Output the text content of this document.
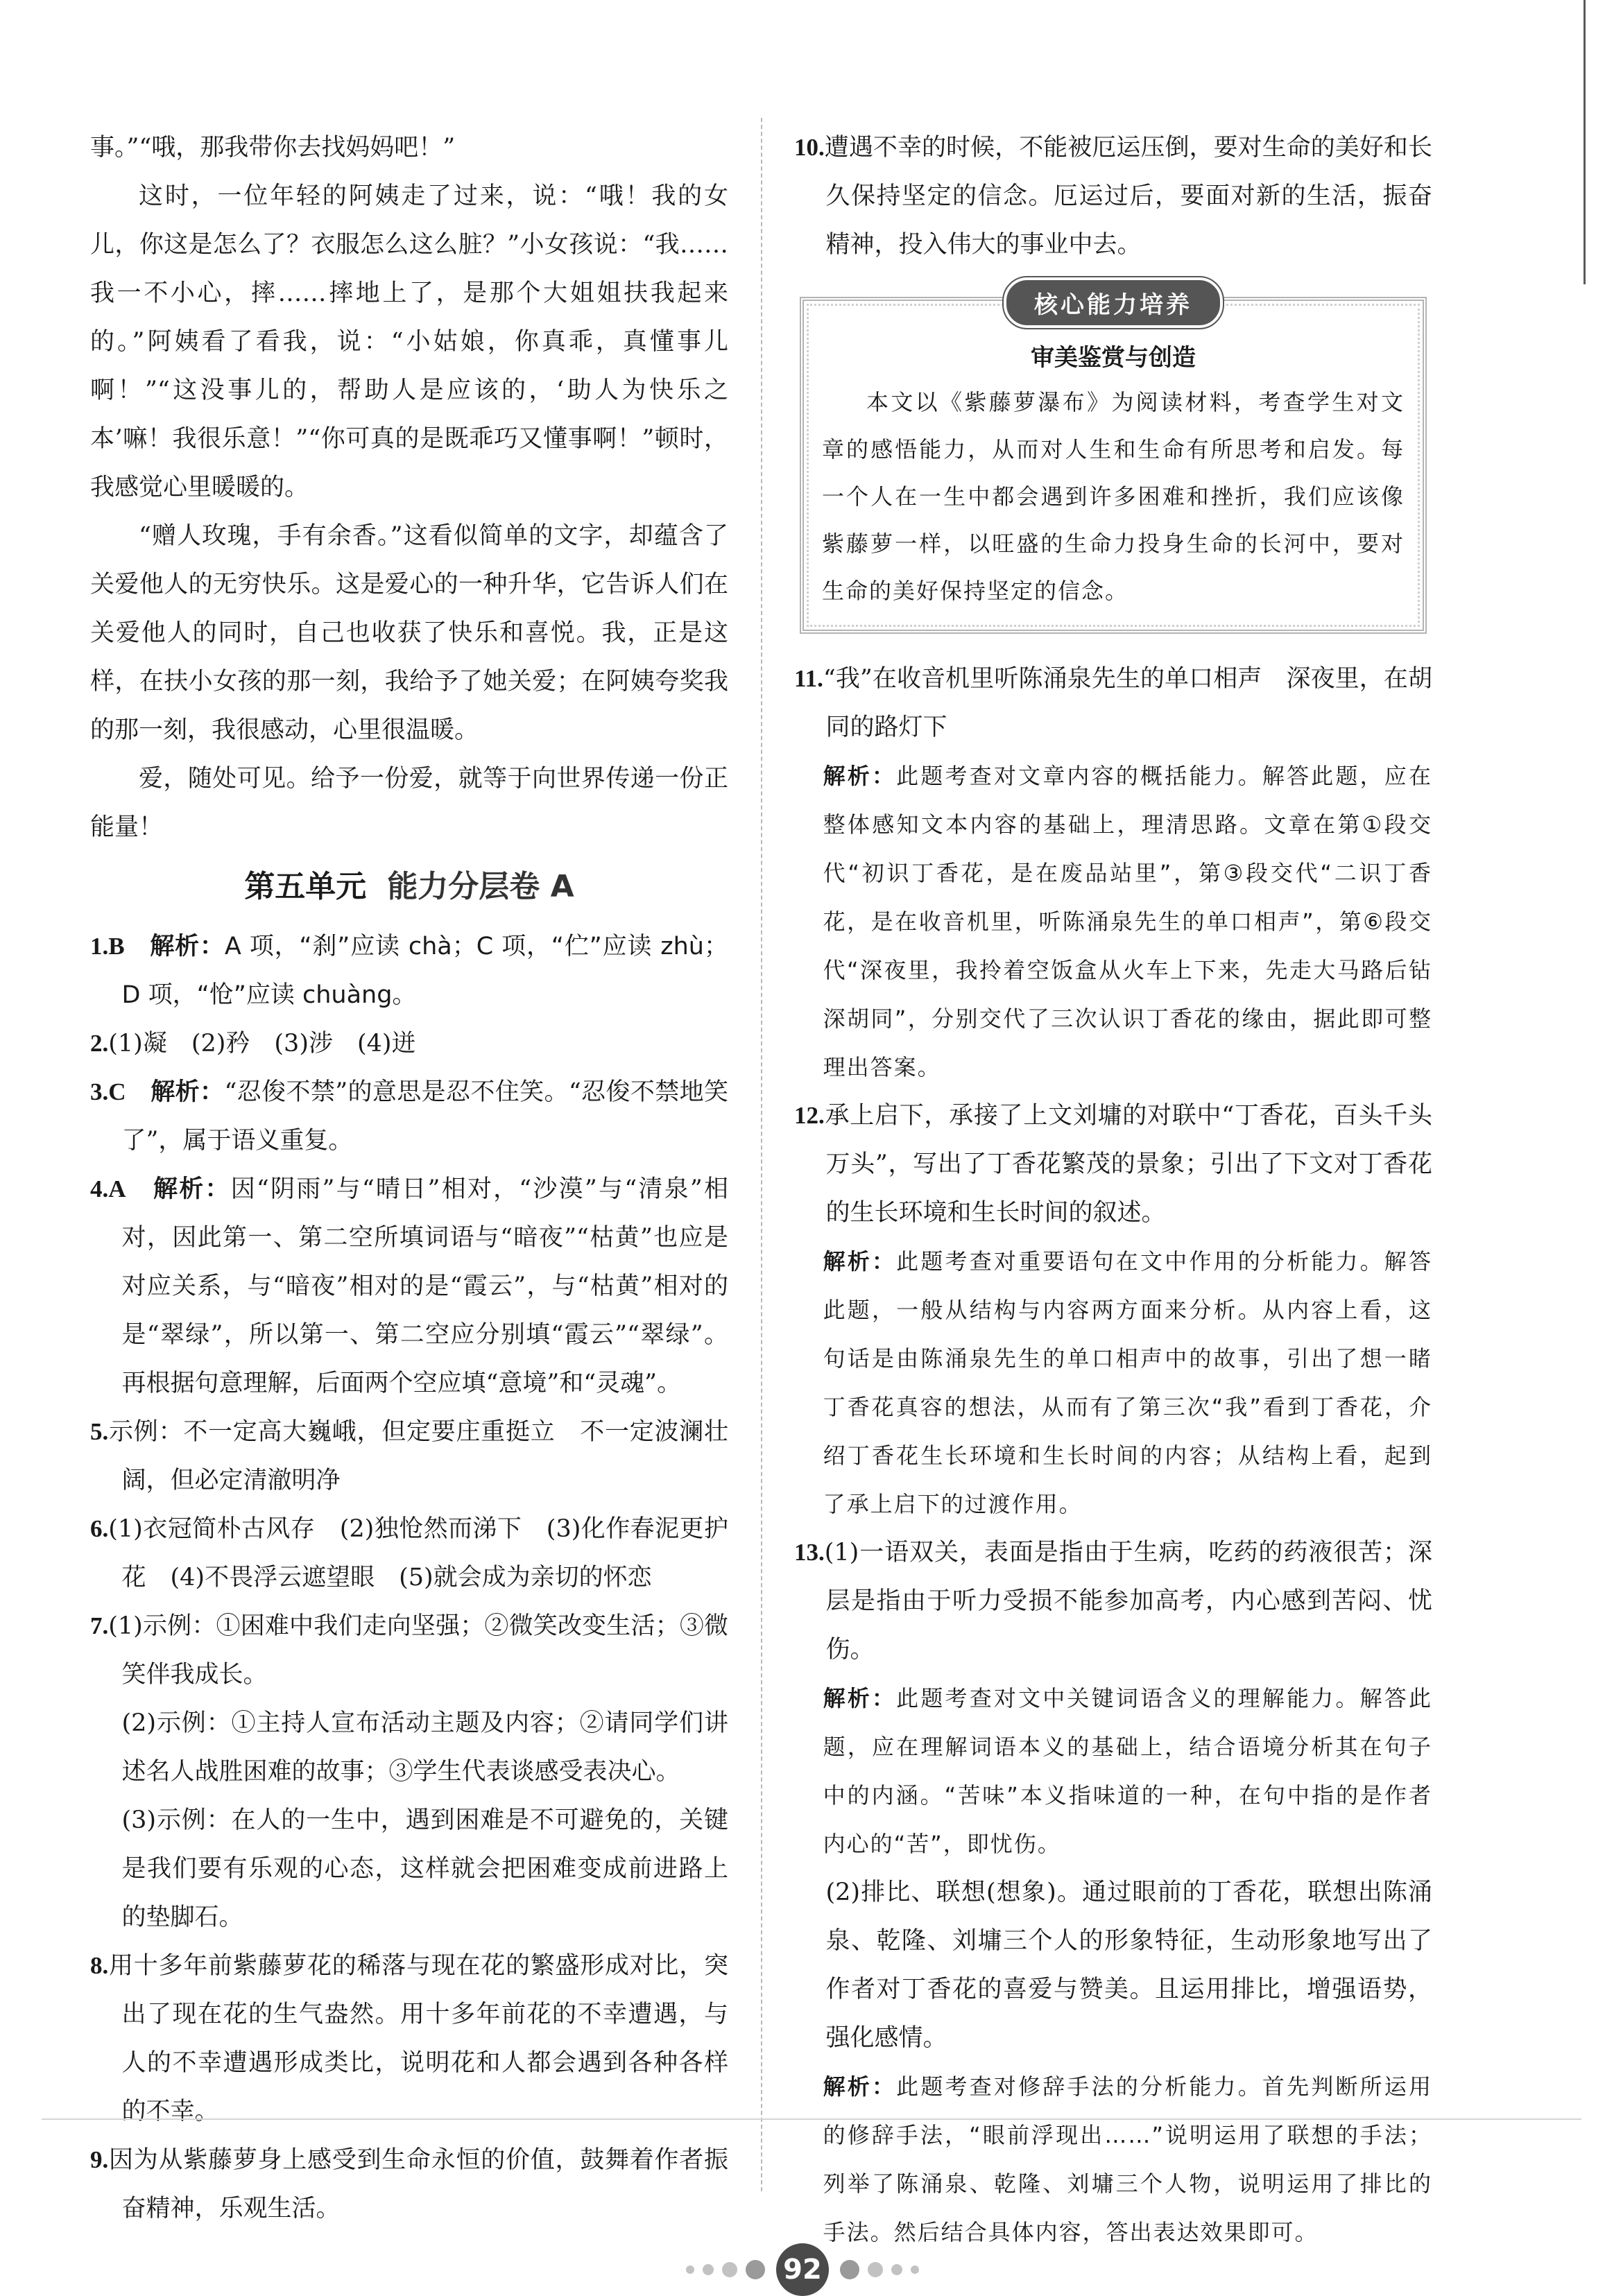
事。”“哦，那我带你去找妈妈吧！”

这时，一位年轻的阿姨走了过来，说：“哦！我的女儿，你这是怎么了？衣服怎么这么脏？”小女孩说：“我……我一不小心，摔……摔地上了，是那个大姐姐扶我起来的。”阿姨看了看我，说：“小姑娘，你真乖，真懂事儿啊！”“这没事儿的，帮助人是应该的，‘助人为快乐之本’嘛！我很乐意！”“你可真的是既乖巧又懂事啊！”顿时，我感觉心里暖暖的。

“赠人玫瑰，手有余香。”这看似简单的文字，却蕴含了关爱他人的无穷快乐。这是爱心的一种升华，它告诉人们在关爱他人的同时，自己也收获了快乐和喜悦。我，正是这样，在扶小女孩的那一刻，我给予了她关爱；在阿姨夸奖我的那一刻，我很感动，心里很温暖。

爱，随处可见。给予一份爱，就等于向世界传递一份正能量！

第五单元 能力分层卷 A

1.B　 解析：A 项，“刹”应读 chà；C 项，“伫”应读 zhù；D 项，“怆”应读 chuàng。

2.(1)凝　(2)矜　(3)涉　(4)迸

3.C　 解析：“忍俊不禁”的意思是忍不住笑。“忍俊不禁地笑了”，属于语义重复。

4.A　 解析：因“阴雨”与“晴日”相对，“沙漠”与“清泉”相对，因此第一、第二空所填词语与“暗夜”“枯黄”也应是对应关系，与“暗夜”相对的是“霞云”，与“枯黄”相对的是“翠绿”，所以第一、第二空应分别填“霞云”“翠绿”。再根据句意理解，后面两个空应填“意境”和“灵魂”。

5.示例：不一定高大巍峨，但定要庄重挺立　不一定波澜壮阔，但必定清澈明净

6.(1)衣冠简朴古风存　(2)独怆然而涕下　(3)化作春泥更护花　(4)不畏浮云遮望眼　(5)就会成为亲切的怀恋

7.(1)示例：①困难中我们走向坚强；②微笑改变生活；③微笑伴我成长。

(2)示例：①主持人宣布活动主题及内容；②请同学们讲述名人战胜困难的故事；③学生代表谈感受表决心。

(3)示例：在人的一生中，遇到困难是不可避免的，关键是我们要有乐观的心态，这样就会把困难变成前进路上的垫脚石。

8.用十多年前紫藤萝花的稀落与现在花的繁盛形成对比，突出了现在花的生气盎然。用十多年前花的不幸遭遇，与人的不幸遭遇形成类比，说明花和人都会遇到各种各样的不幸。

9.因为从紫藤萝身上感受到生命永恒的价值，鼓舞着作者振奋精神，乐观生活。

10.遭遇不幸的时候，不能被厄运压倒，要对生命的美好和长久保持坚定的信念。厄运过后，要面对新的生活，振奋精神，投入伟大的事业中去。

核心能力培养
审美鉴赏与创造

本文以《紫藤萝瀑布》为阅读材料，考查学生对文章的感悟能力，从而对人生和生命有所思考和启发。每一个人在一生中都会遇到许多困难和挫折，我们应该像紫藤萝一样，以旺盛的生命力投身生命的长河中，要对生命的美好保持坚定的信念。

11.“我”在收音机里听陈涌泉先生的单口相声　深夜里，在胡同的路灯下

解析：此题考查对文章内容的概括能力。解答此题，应在整体感知文本内容的基础上，理清思路。文章在第①段交代“初识丁香花，是在废品站里”，第③段交代“二识丁香花，是在收音机里，听陈涌泉先生的单口相声”，第⑥段交代“深夜里，我拎着空饭盒从火车上下来，先走大马路后钻深胡同”，分别交代了三次认识丁香花的缘由，据此即可整理出答案。

12.承上启下，承接了上文刘墉的对联中“丁香花，百头千头万头”，写出了丁香花繁茂的景象；引出了下文对丁香花的生长环境和生长时间的叙述。

解析：此题考查对重要语句在文中作用的分析能力。解答此题，一般从结构与内容两方面来分析。从内容上看，这句话是由陈涌泉先生的单口相声中的故事，引出了想一睹丁香花真容的想法，从而有了第三次“我”看到丁香花，介绍丁香花生长环境和生长时间的内容；从结构上看，起到了承上启下的过渡作用。

13.(1)一语双关，表面是指由于生病，吃药的药液很苦；深层是指由于听力受损不能参加高考，内心感到苦闷、忧伤。

解析：此题考查对文中关键词语含义的理解能力。解答此题，应在理解词语本义的基础上，结合语境分析其在句子中的内涵。“苦味”本义指味道的一种，在句中指的是作者内心的“苦”，即忧伤。

(2)排比、联想(想象)。通过眼前的丁香花，联想出陈涌泉、乾隆、刘墉三个人的形象特征，生动形象地写出了作者对丁香花的喜爱与赞美。且运用排比，增强语势，强化感情。

解析：此题考查对修辞手法的分析能力。首先判断所运用的修辞手法，“眼前浮现出……”说明运用了联想的手法；列举了陈涌泉、乾隆、刘墉三个人物，说明运用了排比的手法。然后结合具体内容，答出表达效果即可。

92
